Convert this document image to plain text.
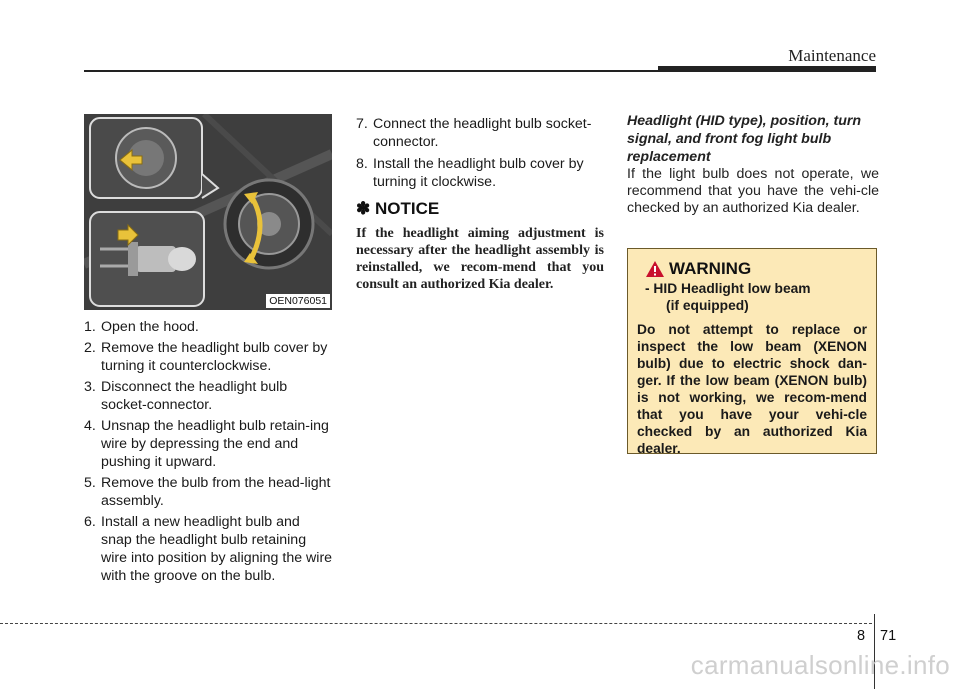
Maintenance
OEN076051
1. Open the hood.
2. Remove the headlight bulb cover by turning it counterclockwise.
3. Disconnect the headlight bulb socket-connector.
4. Unsnap the headlight bulb retain-ing wire by depressing the end and pushing it upward.
5. Remove the bulb from the head-light assembly.
6. Install a new headlight bulb and snap the headlight bulb retaining wire into position by aligning the wire with the groove on the bulb.
7. Connect the headlight bulb socket-connector.
8. Install the headlight bulb cover by turning it clockwise.
✽ NOTICE
If the headlight aiming adjustment is necessary after the headlight assembly is reinstalled, we recom-mend that you consult an authorized Kia dealer.
Headlight (HID type), position, turn signal, and front fog light bulb replacement
If the light bulb does not operate, we recommend that you have the vehi-cle checked by an authorized Kia dealer.
WARNING
- HID Headlight low beam
(if equipped)
Do not attempt to replace or inspect the low beam (XENON bulb) due to electric shock dan-ger. If the low beam (XENON bulb) is not working, we recom-mend that you have your vehi-cle checked by an authorized Kia dealer.
8 71
carmanualsonline.info
